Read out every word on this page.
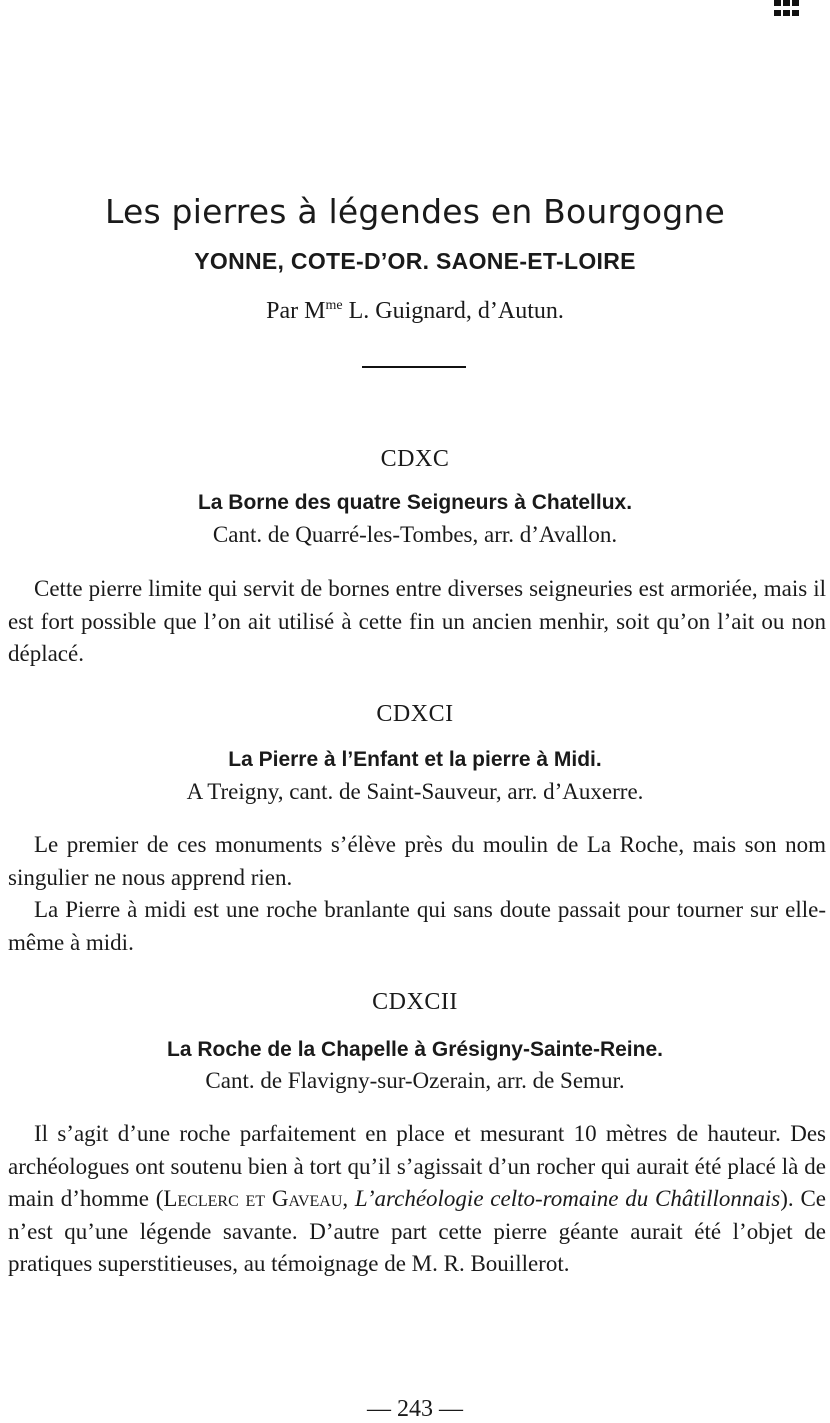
Les pierres à légendes en Bourgogne
YONNE, COTE-D’OR. SAONE-ET-LOIRE
Par $M^{me}$ L. Guignard, d’Autun.
CDXC
La Borne des quatre Seigneurs à Chatellux.
Cant. de Quarré-les-Tombes, arr. d’Avallon.

Cette pierre limite qui servit de bornes entre diverses seigneuries est armoriée, mais il est fort possible que l’on ait utilisé à cette fin un ancien menhir, soit qu’on l’ait ou non déplacé.

CDXCI
La Pierre à l’Enfant et la pierre à Midi.
A Treigny, cant. de Saint-Sauveur, arr. d’Auxerre.

Le premier de ces monuments s’élève près du moulin de La Roche, mais son nom singulier ne nous apprend rien.

La Pierre à midi est une roche branlante qui sans doute passait pour tourner sur elle-même à midi.

CDXCII
La Roche de la Chapelle à Grésigny-Sainte-Reine.
Cant. de Flavigny-sur-Ozerain, arr. de Semur.

Il s’agit d’une roche parfaitement en place et mesurant 10 mètres de hauteur. Des archéologues ont soutenu bien à tort qu’il s’agissait d’un rocher qui aurait été placé là de main d’homme (Leclerc et Gaveau, L’archéologie celto-romaine du Châtillonnais). Ce n’est qu’une légende savante. D’autre part cette pierre géante aurait été l’objet de pratiques superstitieuses, au témoignage de M. R. Bouillerot.

— 243 —
